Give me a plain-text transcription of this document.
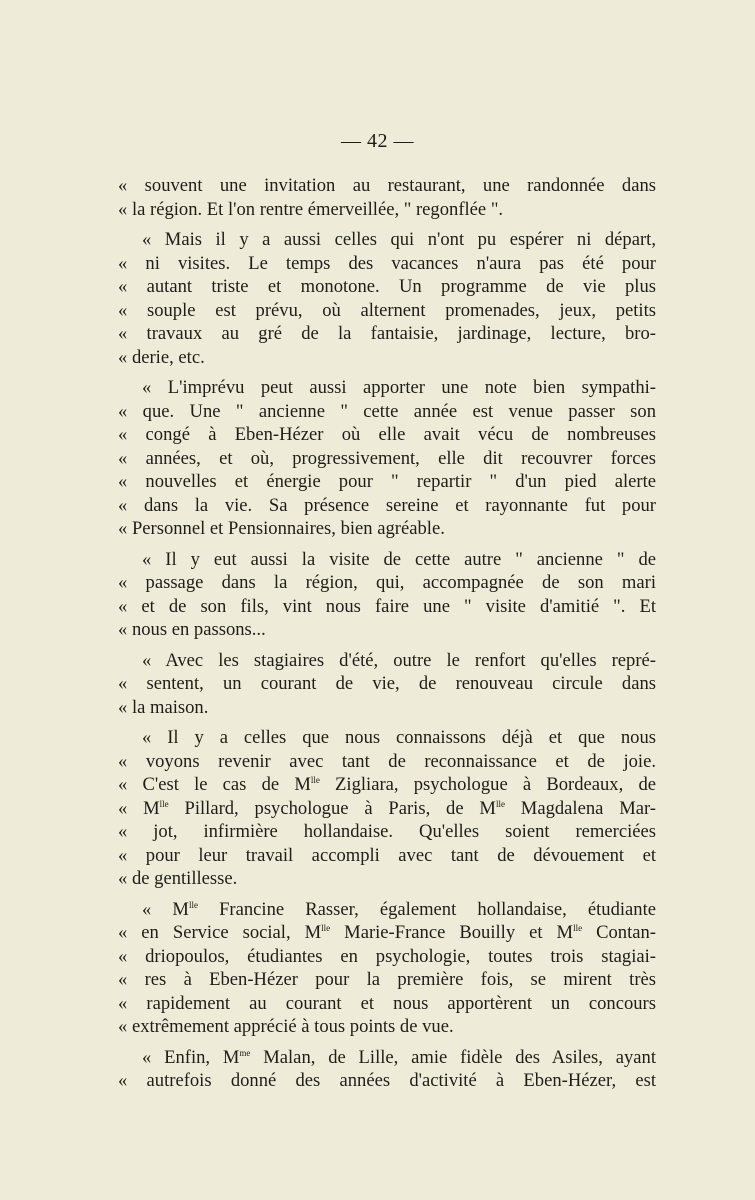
— 42 —
« souvent une invitation au restaurant, une randonnée dans
« la région. Et l'on rentre émerveillée, " regonflée ".
« Mais il y a aussi celles qui n'ont pu espérer ni départ,
« ni visites. Le temps des vacances n'aura pas été pour
« autant triste et monotone. Un programme de vie plus
« souple est prévu, où alternent promenades, jeux, petits
« travaux au gré de la fantaisie, jardinage, lecture, bro-
« derie, etc.
« L'imprévu peut aussi apporter une note bien sympathi-
« que. Une " ancienne " cette année est venue passer son
« congé à Eben-Hézer où elle avait vécu de nombreuses
« années, et où, progressivement, elle dit recouvrer forces
« nouvelles et énergie pour " repartir " d'un pied alerte
« dans la vie. Sa présence sereine et rayonnante fut pour
« Personnel et Pensionnaires, bien agréable.
« Il y eut aussi la visite de cette autre " ancienne " de
« passage dans la région, qui, accompagnée de son mari
« et de son fils, vint nous faire une " visite d'amitié ". Et
« nous en passons...
« Avec les stagiaires d'été, outre le renfort qu'elles repré-
« sentent, un courant de vie, de renouveau circule dans
« la maison.
« Il y a celles que nous connaissons déjà et que nous
« voyons revenir avec tant de reconnaissance et de joie.
« C'est le cas de $M^{lle}$ Zigliara, psychologue à Bordeaux, de
« $M^{lle}$ Pillard, psychologue à Paris, de $M^{lle}$ Magdalena Mar-
« jot, infirmière hollandaise. Qu'elles soient remerciées
« pour leur travail accompli avec tant de dévouement et
« de gentillesse.
« $M^{lle}$ Francine Rasser, également hollandaise, étudiante
« en Service social, $M^{lle}$ Marie-France Bouilly et $M^{lle}$ Contan-
« driopoulos, étudiantes en psychologie, toutes trois stagiai-
« res à Eben-Hézer pour la première fois, se mirent très
« rapidement au courant et nous apportèrent un concours
« extrêmement apprécié à tous points de vue.
« Enfin, $M^{me}$ Malan, de Lille, amie fidèle des Asiles, ayant
« autrefois donné des années d'activité à Eben-Hézer, est
